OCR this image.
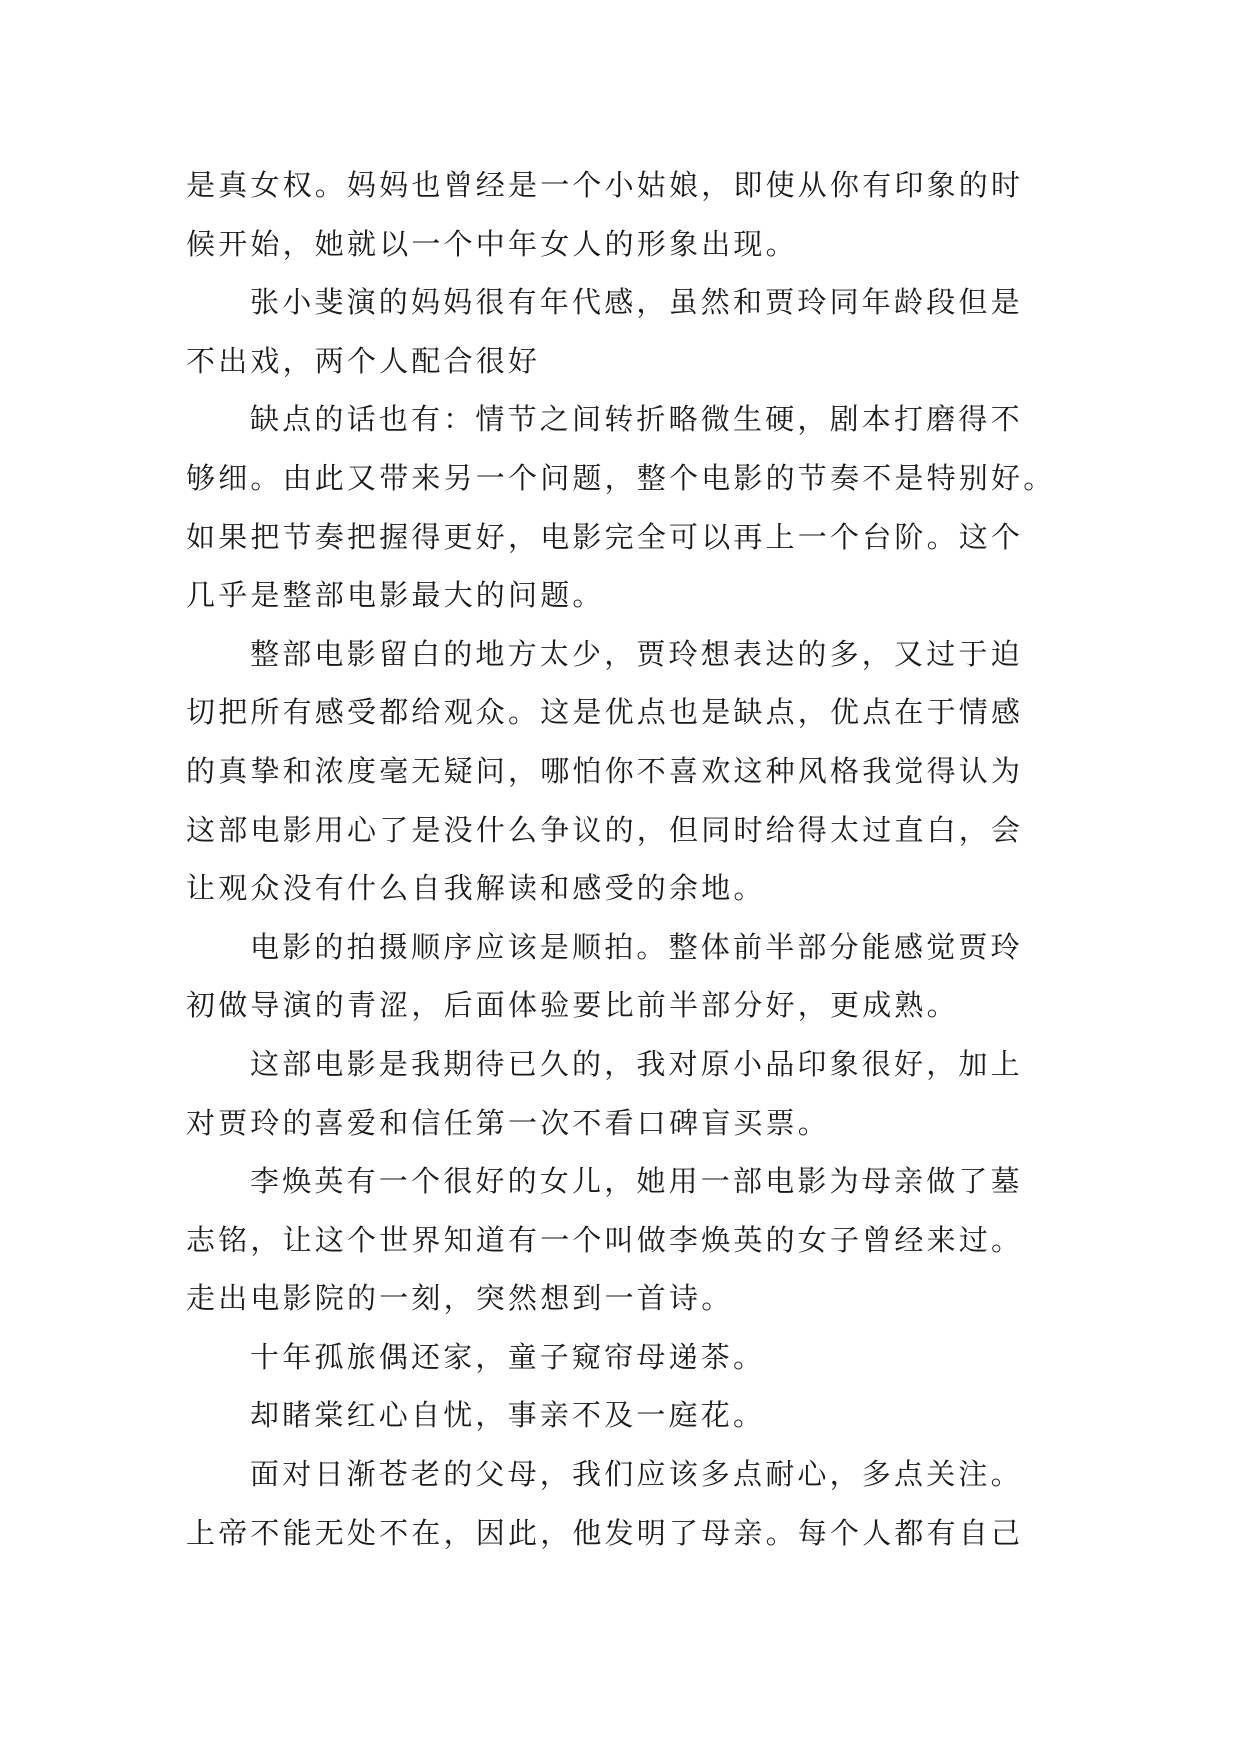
是真女权。妈妈也曾经是一个小姑娘，即使从你有印象的时
候开始，她就以一个中年女人的形象出现。

张小斐演的妈妈很有年代感，虽然和贾玲同年龄段但是
不出戏，两个人配合很好

缺点的话也有：情节之间转折略微生硬，剧本打磨得不
够细。由此又带来另一个问题，整个电影的节奏不是特别好。
如果把节奏把握得更好，电影完全可以再上一个台阶。这个
几乎是整部电影最大的问题。

整部电影留白的地方太少，贾玲想表达的多，又过于迫
切把所有感受都给观众。这是优点也是缺点，优点在于情感
的真挚和浓度毫无疑问，哪怕你不喜欢这种风格我觉得认为
这部电影用心了是没什么争议的，但同时给得太过直白，会
让观众没有什么自我解读和感受的余地。

电影的拍摄顺序应该是顺拍。整体前半部分能感觉贾玲
初做导演的青涩，后面体验要比前半部分好，更成熟。

这部电影是我期待已久的，我对原小品印象很好，加上
对贾玲的喜爱和信任第一次不看口碑盲买票。

李焕英有一个很好的女儿，她用一部电影为母亲做了墓
志铭，让这个世界知道有一个叫做李焕英的女子曾经来过。
走出电影院的一刻，突然想到一首诗。

十年孤旅偶还家，童子窥帘母递茶。

却睹棠红心自忧，事亲不及一庭花。

面对日渐苍老的父母，我们应该多点耐心，多点关注。
上帝不能无处不在，因此，他发明了母亲。每个人都有自己
